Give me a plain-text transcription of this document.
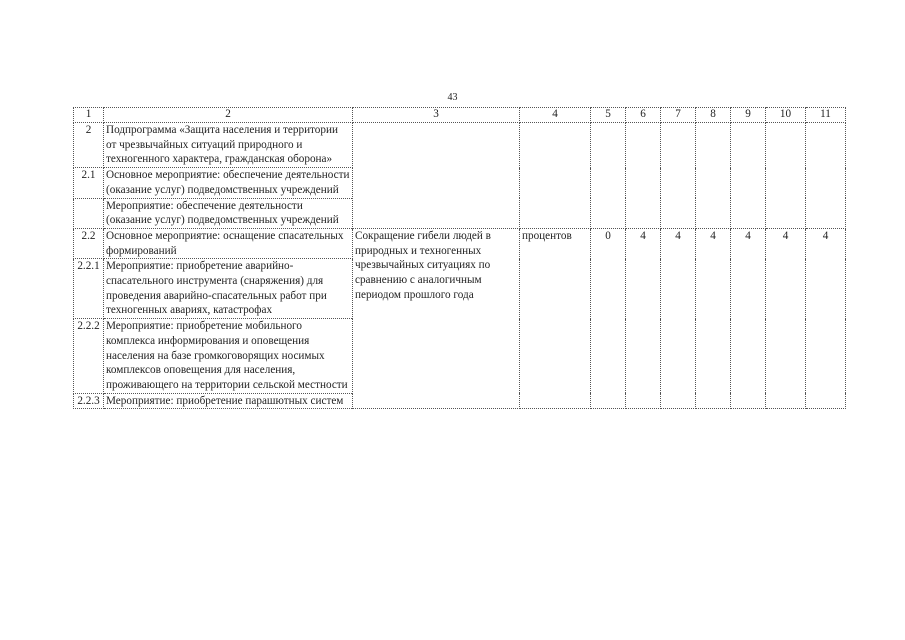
43
1	2	3	4	5	6	7	8	9	10	11
2	Подпрограмма «Защита населения и территории от чрезвычайных ситуаций природного и техногенного характера, гражданская оборона»									
2.1	Основное мероприятие: обеспечение деятельности (оказание услуг) подведомственных учреждений									
	Мероприятие: обеспечение деятельности (оказание услуг) подведомственных учреждений									
2.2	Основное мероприятие: оснащение спасательных формирований	Сокращение гибели людей в природных и техногенных чрезвычайных ситуациях по сравнению с аналогичным периодом прошлого года	процентов	0	4	4	4	4	4	4
2.2.1	Мероприятие: приобретение аварийно-спасательного инструмента (снаряжения) для проведения аварийно-спасательных работ при техногенных авариях, катастрофах									
2.2.2	Мероприятие: приобретение мобильного комплекса информирования и оповещения населения на базе громкоговорящих носимых комплексов оповещения для населения, проживающего на территории сельской местности									
2.2.3	Мероприятие: приобретение парашютных систем									
